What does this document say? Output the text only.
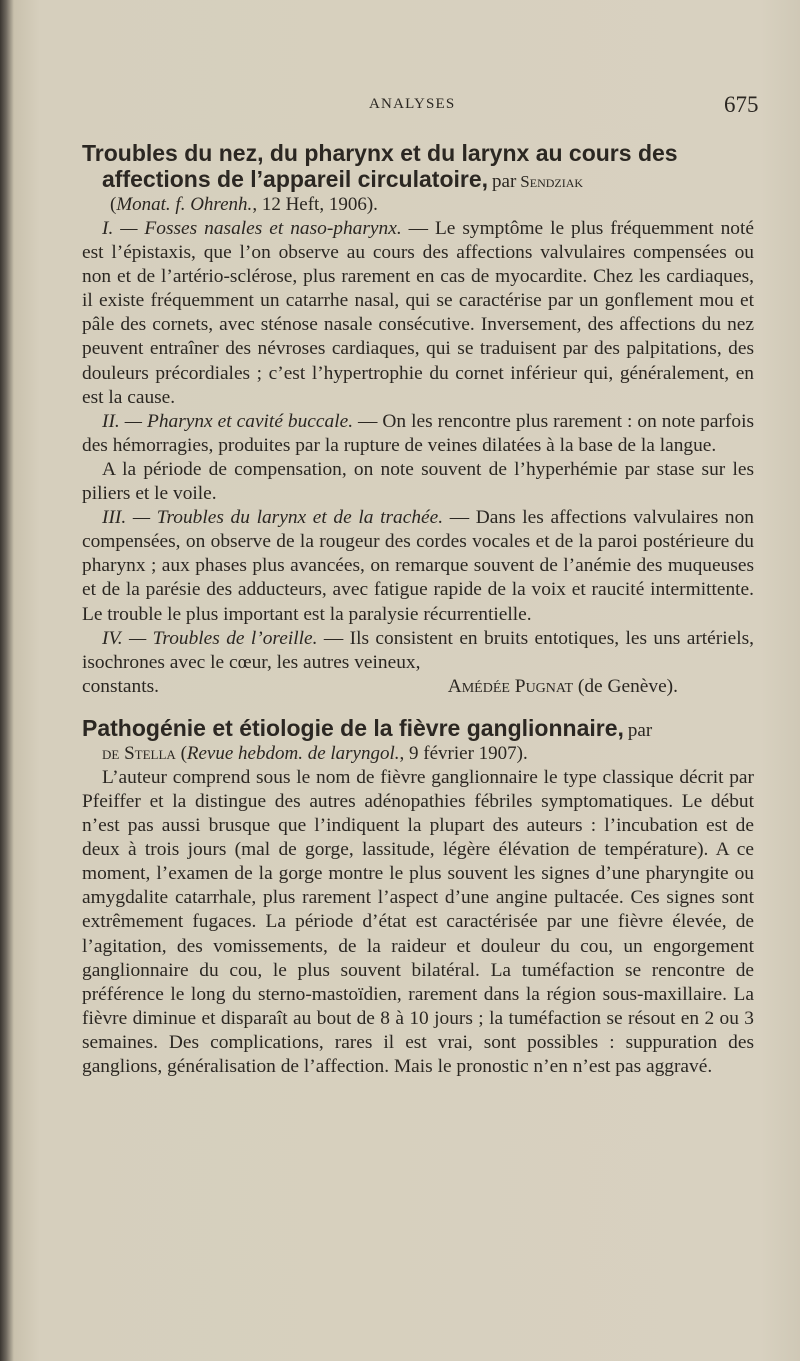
ANALYSES	675
Troubles du nez, du pharynx et du larynx au cours des affections de l’appareil circulatoire, par Sendziak
(Monat. f. Ohrenh., 12 Heft, 1906).

I. — Fosses nasales et naso-pharynx. — Le symptôme le plus fréquemment noté est l’épistaxis, que l’on observe au cours des affections valvulaires compensées ou non et de l’artério-sclérose, plus rarement en cas de myocardite. Chez les cardiaques, il existe fréquemment un catarrhe nasal, qui se caractérise par un gonflement mou et pâle des cornets, avec sténose nasale consécutive. Inversement, des affections du nez peuvent entraîner des névroses cardiaques, qui se traduisent par des palpitations, des douleurs précordiales ; c’est l’hypertrophie du cornet inférieur qui, généralement, en est la cause.

II. — Pharynx et cavité buccale. — On les rencontre plus rarement : on note parfois des hémorragies, produites par la rupture de veines dilatées à la base de la langue.

A la période de compensation, on note souvent de l’hyperhémie par stase sur les piliers et le voile.

III. — Troubles du larynx et de la trachée. — Dans les affections valvulaires non compensées, on observe de la rougeur des cordes vocales et de la paroi postérieure du pharynx ; aux phases plus avancées, on remarque souvent de l’anémie des muqueuses et de la parésie des adducteurs, avec fatigue rapide de la voix et raucité intermittente. Le trouble le plus important est la paralysie récurrentielle.

IV. — Troubles de l’oreille. — Ils consistent en bruits entotiques, les uns artériels, isochrones avec le cœur, les autres veineux,

constants.	Amédée Pugnat (de Genève).
Pathogénie et étiologie de la fièvre ganglionnaire, par
de Stella (Revue hebdom. de laryngol., 9 février 1907).

L’auteur comprend sous le nom de fièvre ganglionnaire le type classique décrit par Pfeiffer et la distingue des autres adénopathies fébriles symptomatiques. Le début n’est pas aussi brusque que l’indiquent la plupart des auteurs : l’incubation est de deux à trois jours (mal de gorge, lassitude, légère élévation de température). A ce moment, l’examen de la gorge montre le plus souvent les signes d’une pharyngite ou amygdalite catarrhale, plus rarement l’aspect d’une angine pultacée. Ces signes sont extrêmement fugaces. La période d’état est caractérisée par une fièvre élevée, de l’agitation, des vomissements, de la raideur et douleur du cou, un engorgement ganglionnaire du cou, le plus souvent bilatéral. La tuméfaction se rencontre de préférence le long du sterno-mastoïdien, rarement dans la région sous-maxillaire. La fièvre diminue et disparaît au bout de 8 à 10 jours ; la tuméfaction se résout en 2 ou 3 semaines. Des complications, rares il est vrai, sont possibles : suppuration des ganglions, généralisation de l’affection. Mais le pronostic n’en n’est pas aggravé.
